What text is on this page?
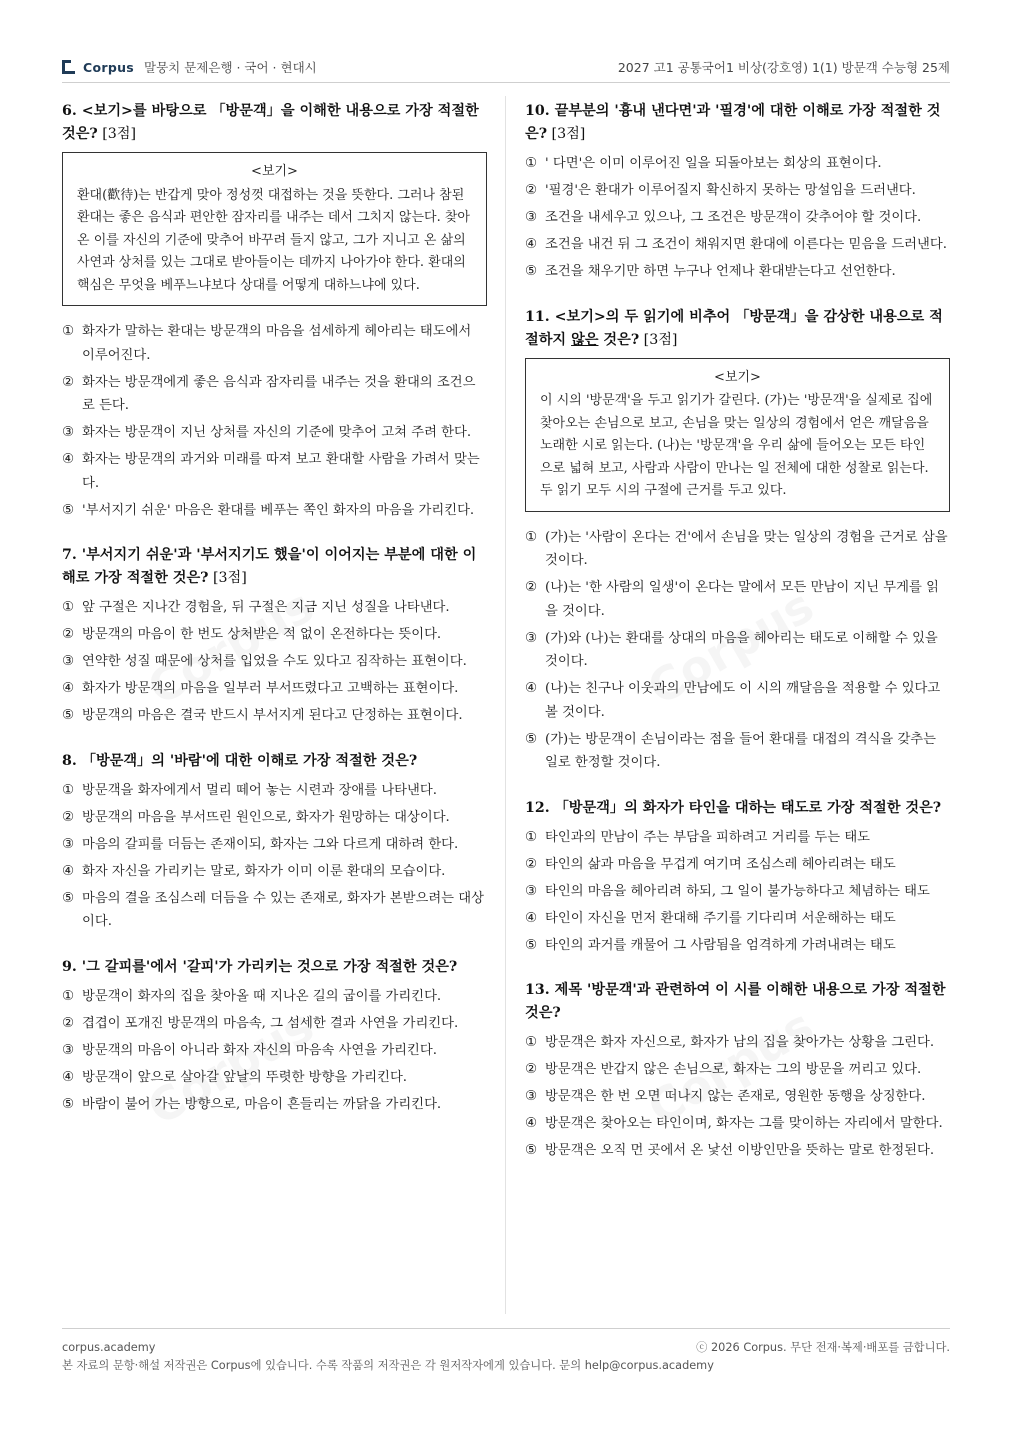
Corpus 말뭉치 문제은행 · 국어 · 현대시	2027 고1 공통국어1 비상(강호영) 1(1) 방문객 수능형 25제
6. <보기>를 바탕으로 「방문객」을 이해한 내용으로 가장 적절한 것은? [3점]
<보기>
환대(歡待)는 반갑게 맞아 정성껏 대접하는 것을 뜻한다. 그러나 참된 환대는 좋은 음식과 편안한 잠자리를 내주는 데서 그치지 않는다. 찾아온 이를 자신의 기준에 맞추어 바꾸려 들지 않고, 그가 지니고 온 삶의 사연과 상처를 있는 그대로 받아들이는 데까지 나아가야 한다. 환대의 핵심은 무엇을 베푸느냐보다 상대를 어떻게 대하느냐에 있다.
① 화자가 말하는 환대는 방문객의 마음을 섬세하게 헤아리는 태도에서 이루어진다.
② 화자는 방문객에게 좋은 음식과 잠자리를 내주는 것을 환대의 조건으로 든다.
③ 화자는 방문객이 지닌 상처를 자신의 기준에 맞추어 고쳐 주려 한다.
④ 화자는 방문객의 과거와 미래를 따져 보고 환대할 사람을 가려서 맞는다.
⑤ '부서지기 쉬운' 마음은 환대를 베푸는 쪽인 화자의 마음을 가리킨다.
7. '부서지기 쉬운'과 '부서지기도 했을'이 이어지는 부분에 대한 이해로 가장 적절한 것은? [3점]
① 앞 구절은 지나간 경험을, 뒤 구절은 지금 지닌 성질을 나타낸다.
② 방문객의 마음이 한 번도 상처받은 적 없이 온전하다는 뜻이다.
③ 연약한 성질 때문에 상처를 입었을 수도 있다고 짐작하는 표현이다.
④ 화자가 방문객의 마음을 일부러 부서뜨렸다고 고백하는 표현이다.
⑤ 방문객의 마음은 결국 반드시 부서지게 된다고 단정하는 표현이다.
8. 「방문객」의 '바람'에 대한 이해로 가장 적절한 것은?
① 방문객을 화자에게서 멀리 떼어 놓는 시련과 장애를 나타낸다.
② 방문객의 마음을 부서뜨린 원인으로, 화자가 원망하는 대상이다.
③ 마음의 갈피를 더듬는 존재이되, 화자는 그와 다르게 대하려 한다.
④ 화자 자신을 가리키는 말로, 화자가 이미 이룬 환대의 모습이다.
⑤ 마음의 결을 조심스레 더듬을 수 있는 존재로, 화자가 본받으려는 대상이다.
9. '그 갈피를'에서 '갈피'가 가리키는 것으로 가장 적절한 것은?
① 방문객이 화자의 집을 찾아올 때 지나온 길의 굽이를 가리킨다.
② 겹겹이 포개진 방문객의 마음속, 그 섬세한 결과 사연을 가리킨다.
③ 방문객의 마음이 아니라 화자 자신의 마음속 사연을 가리킨다.
④ 방문객이 앞으로 살아갈 앞날의 뚜렷한 방향을 가리킨다.
⑤ 바람이 불어 가는 방향으로, 마음이 흔들리는 까닭을 가리킨다.
10. 끝부분의 '흉내 낸다면'과 '필경'에 대한 이해로 가장 적절한 것은? [3점]
① ' 다면'은 이미 이루어진 일을 되돌아보는 회상의 표현이다.
② '필경'은 환대가 이루어질지 확신하지 못하는 망설임을 드러낸다.
③ 조건을 내세우고 있으나, 그 조건은 방문객이 갖추어야 할 것이다.
④ 조건을 내건 뒤 그 조건이 채워지면 환대에 이른다는 믿음을 드러낸다.
⑤ 조건을 채우기만 하면 누구나 언제나 환대받는다고 선언한다.
11. <보기>의 두 읽기에 비추어 「방문객」을 감상한 내용으로 적절하지 않은 것은? [3점]
<보기>
이 시의 '방문객'을 두고 읽기가 갈린다. (가)는 '방문객'을 실제로 집에 찾아오는 손님으로 보고, 손님을 맞는 일상의 경험에서 얻은 깨달음을 노래한 시로 읽는다. (나)는 '방문객'을 우리 삶에 들어오는 모든 타인으로 넓혀 보고, 사람과 사람이 만나는 일 전체에 대한 성찰로 읽는다. 두 읽기 모두 시의 구절에 근거를 두고 있다.
① (가)는 '사람이 온다는 건'에서 손님을 맞는 일상의 경험을 근거로 삼을 것이다.
② (나)는 '한 사람의 일생'이 온다는 말에서 모든 만남이 지닌 무게를 읽을 것이다.
③ (가)와 (나)는 환대를 상대의 마음을 헤아리는 태도로 이해할 수 있을 것이다.
④ (나)는 친구나 이웃과의 만남에도 이 시의 깨달음을 적용할 수 있다고 볼 것이다.
⑤ (가)는 방문객이 손님이라는 점을 들어 환대를 대접의 격식을 갖추는 일로 한정할 것이다.
12. 「방문객」의 화자가 타인을 대하는 태도로 가장 적절한 것은?
① 타인과의 만남이 주는 부담을 피하려고 거리를 두는 태도
② 타인의 삶과 마음을 무겁게 여기며 조심스레 헤아리려는 태도
③ 타인의 마음을 헤아리려 하되, 그 일이 불가능하다고 체념하는 태도
④ 타인이 자신을 먼저 환대해 주기를 기다리며 서운해하는 태도
⑤ 타인의 과거를 캐물어 그 사람됨을 엄격하게 가려내려는 태도
13. 제목 '방문객'과 관련하여 이 시를 이해한 내용으로 가장 적절한 것은?
① 방문객은 화자 자신으로, 화자가 남의 집을 찾아가는 상황을 그린다.
② 방문객은 반갑지 않은 손님으로, 화자는 그의 방문을 꺼리고 있다.
③ 방문객은 한 번 오면 떠나지 않는 존재로, 영원한 동행을 상징한다.
④ 방문객은 찾아오는 타인이며, 화자는 그를 맞이하는 자리에서 말한다.
⑤ 방문객은 오직 먼 곳에서 온 낯선 이방인만을 뜻하는 말로 한정된다.
corpus.academy
본 자료의 문항·해설 저작권은 Corpus에 있습니다. 수록 작품의 저작권은 각 원저작자에게 있습니다. 문의 help@corpus.academy
ⓒ 2026 Corpus. 무단 전재·복제·배포를 금합니다.
